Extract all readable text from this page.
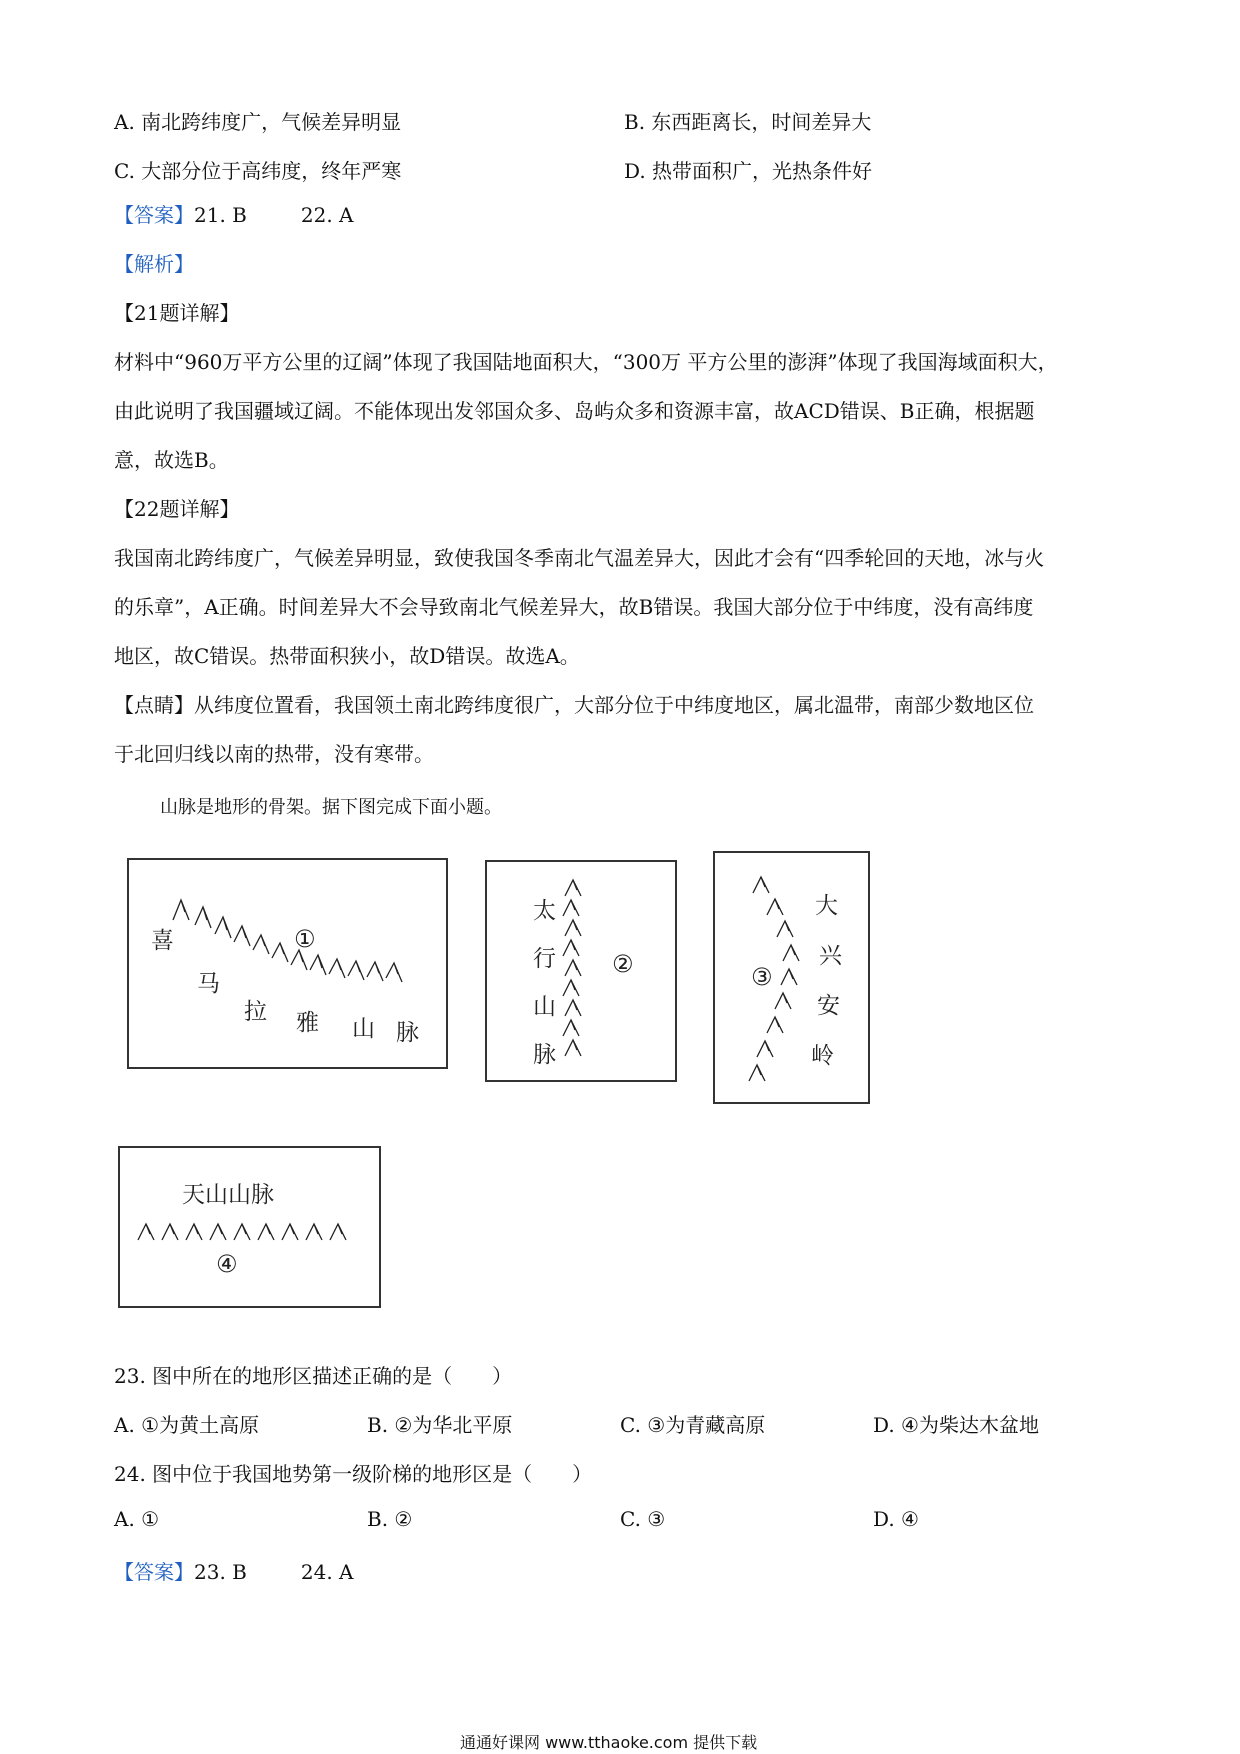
A. 南北跨纬度广，气候差异明显	B. 东西距离长，时间差异大
C. 大部分位于高纬度，终年严寒	D. 热带面积广，光热条件好
【答案】21. B	22. A
【解析】
【21题详解】
材料中“960万平方公里的辽阔”体现了我国陆地面积大，“300万 平方公里的澎湃”体现了我国海域面积大，
由此说明了我国疆域辽阔。不能体现出发邻国众多、岛屿众多和资源丰富，故ACD错误、B正确，根据题
意，故选B。
【22题详解】
我国南北跨纬度广，气候差异明显，致使我国冬季南北气温差异大，因此才会有“四季轮回的天地，冰与火
的乐章”，A正确。时间差异大不会导致南北气候差异大，故B错误。我国大部分位于中纬度，没有高纬度
地区，故C错误。热带面积狭小，故D错误。故选A。
【点睛】从纬度位置看，我国领土南北跨纬度很广，大部分位于中纬度地区，属北温带，南部少数地区位
于北回归线以南的热带，没有寒带。
山脉是地形的骨架。据下图完成下面小题。
喜
马
拉 雅 山 脉
①
太
行
山
脉
②
大
兴
安
岭
③
天山山脉
④
23. 图中所在的地形区描述正确的是（　　）
A. ①为黄土高原	B. ②为华北平原	C. ③为青藏高原	D. ④为柴达木盆地
24. 图中位于我国地势第一级阶梯的地形区是（　　）
A. ①	B. ②	C. ③	D. ④
【答案】23. B	24. A
通通好课网 www.tthaoke.com 提供下载
